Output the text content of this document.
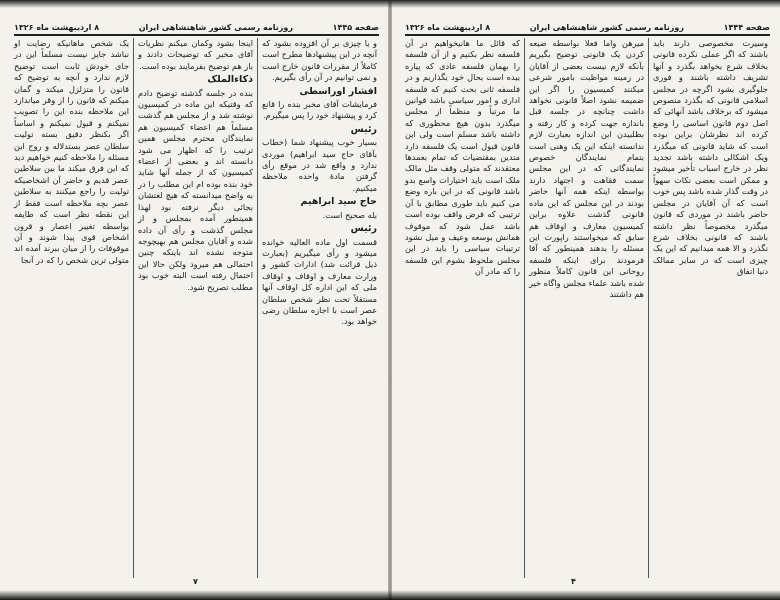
صفحه ۱۴۴۵
روزنامه رسمی کشور شاهنشاهی ایران
۸ اردیبهشت ماه ۱۳۲۶

و یا چیزی بر آن افزوده بشود که آنچه در این پیشنهادها مطرح است کاملاً از مقررات قانون خارج است و نمی توانیم در آن رأی بگیریم.

افشار اوراسطی

فرمایشات آقای مخبر بنده را قانع کرد و پیشنهاد خود را پس میگیرم.

رئیس

بسیار خوب پیشنهاد شما (خطاب بآقای حاج سید ابراهیم) موردی ندارد و واقع شد در موقع رأی گرفتن مادهٔ واحده ملاحظه میکنیم.

حاج سید ابراهیم

بله صحیح است.

رئیس

قسمت اول ماده العالیه خوانده میشود و رأی میگیریم (بعبارت ذیل قرائت شد) ادارات کشور و وزارت معارف و اوقاف و اوقاف ملی که این اداره کل اوقاف آنها مستقلاً تحت نظر شخص سلطان عصر است با اجازه سلطان رضی خواهد بود.

اینجا بشود وکمان میکنم نظریات آقای مخبر که توضیحات دادند و باز هم توضیح بفرمایند بوده است.

ذکاءالملک

بنده در جلسه گذشته توضیح دادم که وقتیکه این ماده در کمیسیون نوشته شد و از مجلس هم گذشت مسلماً هم اعضاء کمیسیون هم نمایندگان محترم مجلس همین ترتیب را که اظهار می شود دانسته اند و بعضی از اعضاء کمیسیون که از جمله آنها شاید خود بنده بوده ام این مطلب را در به واضح میدانسته که هیچ لغتشان بجائی دیگر نرفته بود لهذا همینطور آمده بمجلس و از مجلس گذشت و رأی آن داده شده و آقایان مجلس هم بهیچوجه متوجه نشده اند باینکه چنین احتمالی هم میرود ولکن حالا این احتمال رفته است البته خوب بود مطلب تصریح شود.

یک شخص ماهانیکه رضایت او نباشد جایز نیست مسلماً این در جای خودش ثابت است توضیح لازم ندارد و آنچه به توضیح که قانون را متزلزل میکند و گمان میکنم که قانون را از وقر میاندازد این ملاحظه بنده این را تصویب نمیکنم و قبول نمیکنم و اساساً اگر بکنظر دقیق بسته توليت سلطان عصر بستدلاله و روح این مسئله را ملاحظه کنیم خواهیم دید که این فرق میکند ما بین سلاطین عصر قدیم و حاضر آن اشخاصیکه تولیت را راجع میکنند به سلاطین عصر بچه ملاحظه است فقط از این نقطه نظر است که طایفه بواسطه تغییر اعصار و قرون اشخاص قوی پیدا شوند و آن موقوفات را از میان ببرند آمده اند متولی ترین شخص را که در آنجا

۷
صفحه ۱۴۴۴
روزنامه رسمی کشور شاهنشاهی ایران
۸ اردیبهشت ماه ۱۳۲۶

وسیرت مخصوصی دارند باید باشند که اگر عملی نکرده قانونی بخلاف شرع بخواهد بگذرد و آنها تشریف داشته باشند و فوری جلوگیری بشود اگرچه در مجلس اسلامی قانونی که بگذرد منصوص میشود که برخلاف باشد آنهائی که اصل دوم قانون اساسی را وضع کرده اند نظرشان براین بوده است که شاید قانونی که میگذرد ویک اشکالی داشته باشد تجدید نظر در خارج اسباب تأخیر میشود و ممکن است بعضی نکات سهواً در وقت گذار شده باشد پس خوب است که آن آقایان در مجلس حاضر باشند در موردی که قانون میگذرد مخصوصاً نظر داشته باشند که قانونی بخلاف شرع نگذرد و الا همه میدانیم که این یک چیزی است که در سایر ممالک دنیا اتفاق

میرهن واما فعلا بواسطه ضیعه کردن یک قانونی توضیح بگیریم بآنکه لازم نیست بعضی از آقایان در زمینه مواظبت بامور شرعی میکنند کمیسیون را اگر این ضمیمه نشود اصلاً قانونی نخواهد داشت چنانچه در جلسه قبل باندازه جهت کرده و کار رفته و بطلبیدن این اندازه بعبارت لازم ندانسته اینکه این یک وهنی است بتمام نمایندگان خصوص نمایندگانی که در این مجلس سمت فقاهت و اجتهاد دارند بواسطه اینکه همه آنها حاضر بودند در این مجلس که این ماده قانونی گذشت علاوه براین کمیسیون معارف و اوقاف هم سابق که میخواستند راپورت این مسئله را بدهند همینطور که آقا فرمودند برای اینکه فلسفه روحانی این قانون کاملاً منظور شده باشد علماء مجلس واگاه خیر هم داشتند

که قائل ما هانیخواهیم در آن فلسفه نظر بکنیم و از آن فلسفه را بهمان فلسفه عادی که پیاره بیده است بحال خود بگذاریم و در فلسفه ثانی بحث کنیم که فلسفه اداری و امور سیاسی باشد قوانین ما مرتباً و منظماً از مجلس میگذرد بدون هیچ محظوری که داشته باشد مسلم است ولی این قانون قبول است یک فلسفه دارد متدین بمقتضیات که تمام بعمدها معتقدند که متولی وقف مثل مالک ملک است باید اختیارات واسع بدو باشد قانونی که در این باره وضع می کنیم باید طوری مطابق با آن ترتیبی که فرض واقف بوده است باشد عمل شود که موقوف همانش بوسعه وعیف و میل نشود ترتیبات سیاسی را باید در این مجلس ملحوظ بشوم این فلسفه را که مادر آن

۴
